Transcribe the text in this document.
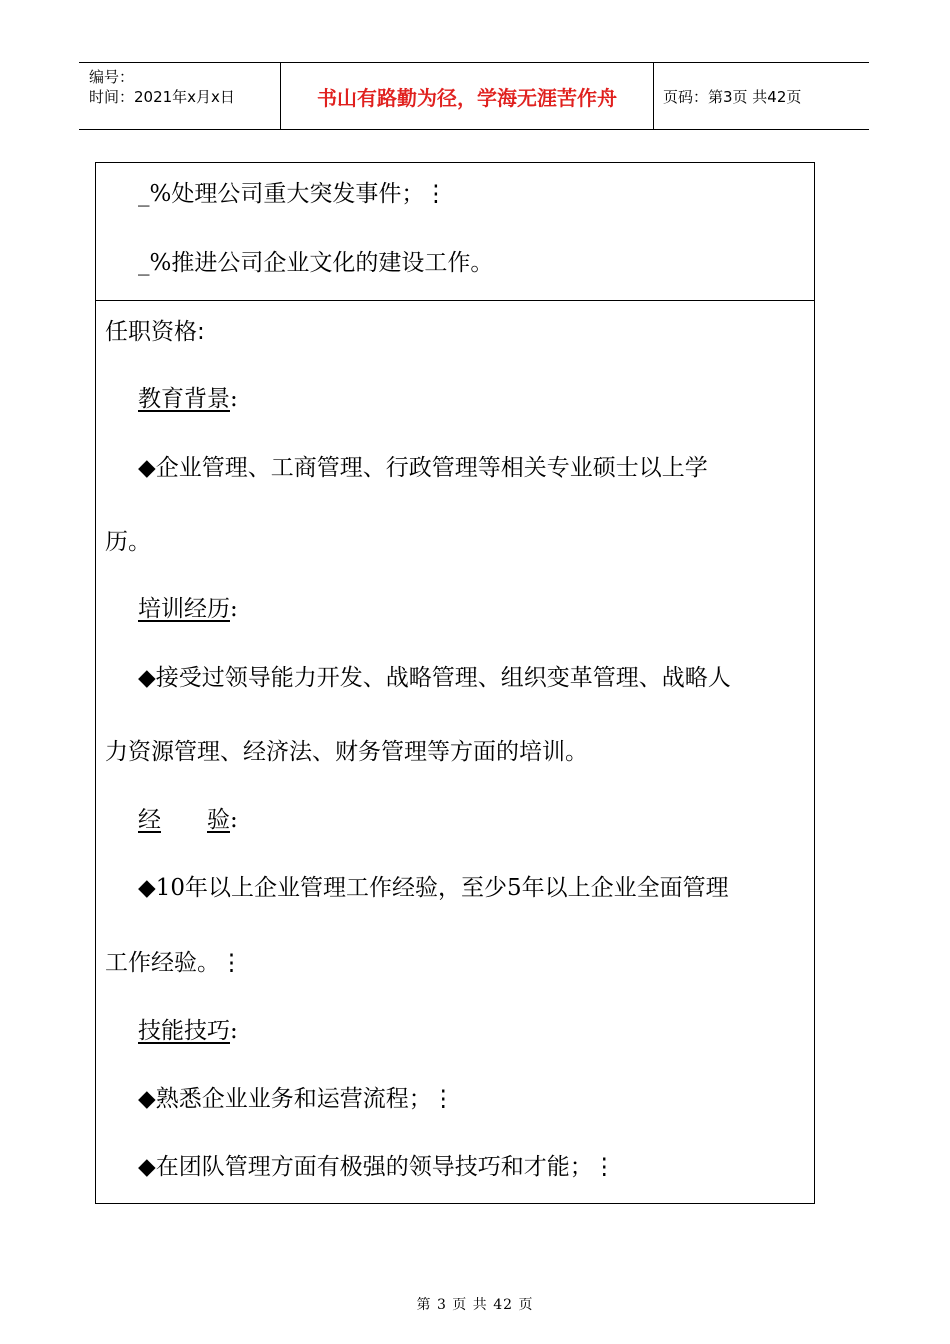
编号：
时间：2021年x月x日	书山有路勤为径，学海无涯苦作舟	页码：第3页 共42页
_%处理公司重大突发事件；⋮
_%推进公司企业文化的建设工作。
任职资格:
教育背景:
◆企业管理、工商管理、行政管理等相关专业硕士以上学
历。
培训经历:
◆接受过领导能力开发、战略管理、组织变革管理、战略人
力资源管理、经济法、财务管理等方面的培训。
经 验:
◆10年以上企业管理工作经验，至少5年以上企业全面管理
工作经验。⋮
技能技巧:
◆熟悉企业业务和运营流程；⋮
◆在团队管理方面有极强的领导技巧和才能；⋮
第 3 页 共 42 页
